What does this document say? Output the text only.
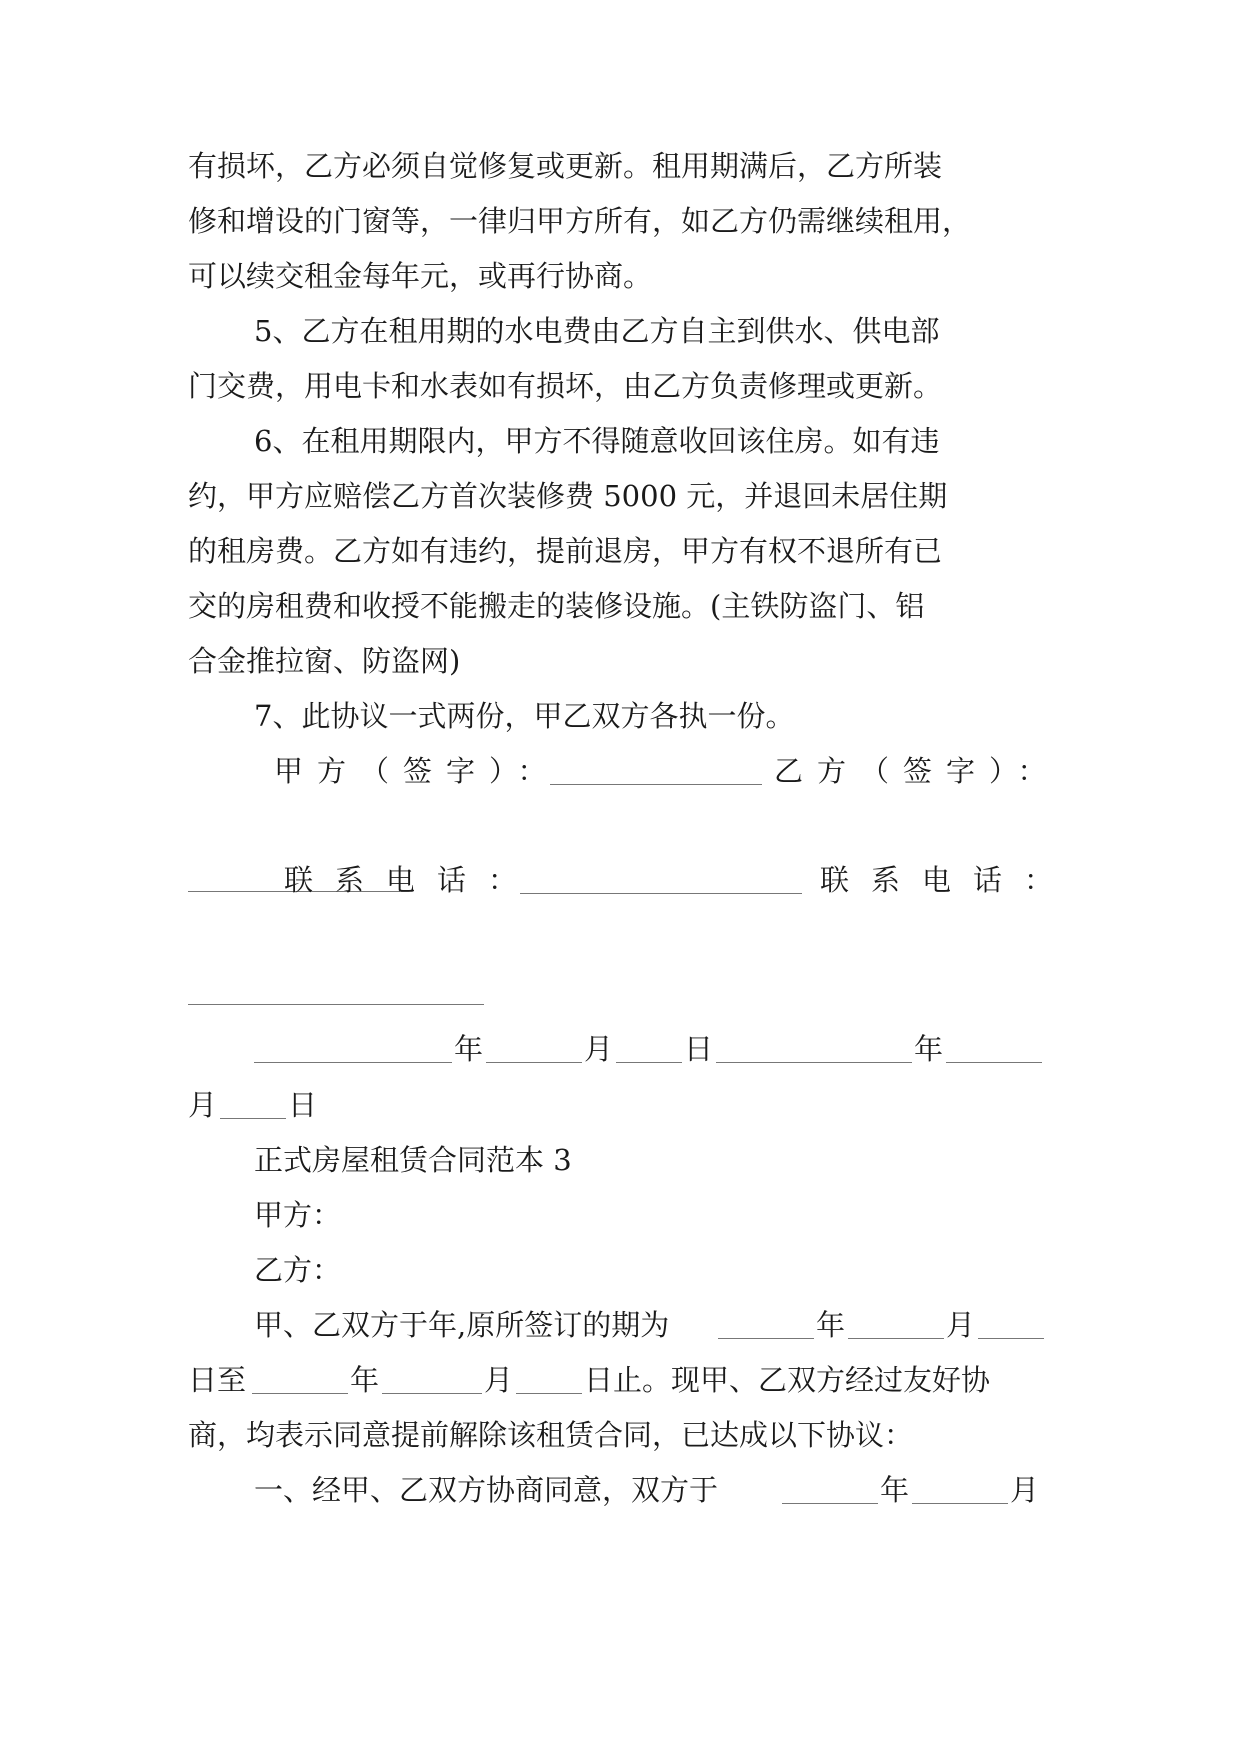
有损坏，乙方必须自觉修复或更新。租用期满后，乙方所装
修和增设的门窗等，一律归甲方所有，如乙方仍需继续租用，
可以续交租金每年元，或再行协商。
5、乙方在租用期的水电费由乙方自主到供水、供电部
门交费，用电卡和水表如有损坏，由乙方负责修理或更新。
6、在租用期限内，甲方不得随意收回该住房。如有违
约，甲方应赔偿乙方首次装修费 5000 元，并退回未居住期
的租房费。乙方如有违约，提前退房，甲方有权不退所有已
交的房租费和收授不能搬走的装修设施。(主铁防盗门、铝
合金推拉窗、防盗网)
7、此协议一式两份，甲乙双方各执一份。
甲方（签字）：	乙方（签字）：
联系电话：	联系电话：
年	月 日	年
月 日
正式房屋租赁合同范本 3
甲方：
乙方：
甲、乙双方于年,原所签订的期为	年	月
日至	年	月 日止。现甲、乙双方经过友好协
商，均表示同意提前解除该租赁合同，已达成以下协议：
一、经甲、乙双方协商同意，双方于	年	月
